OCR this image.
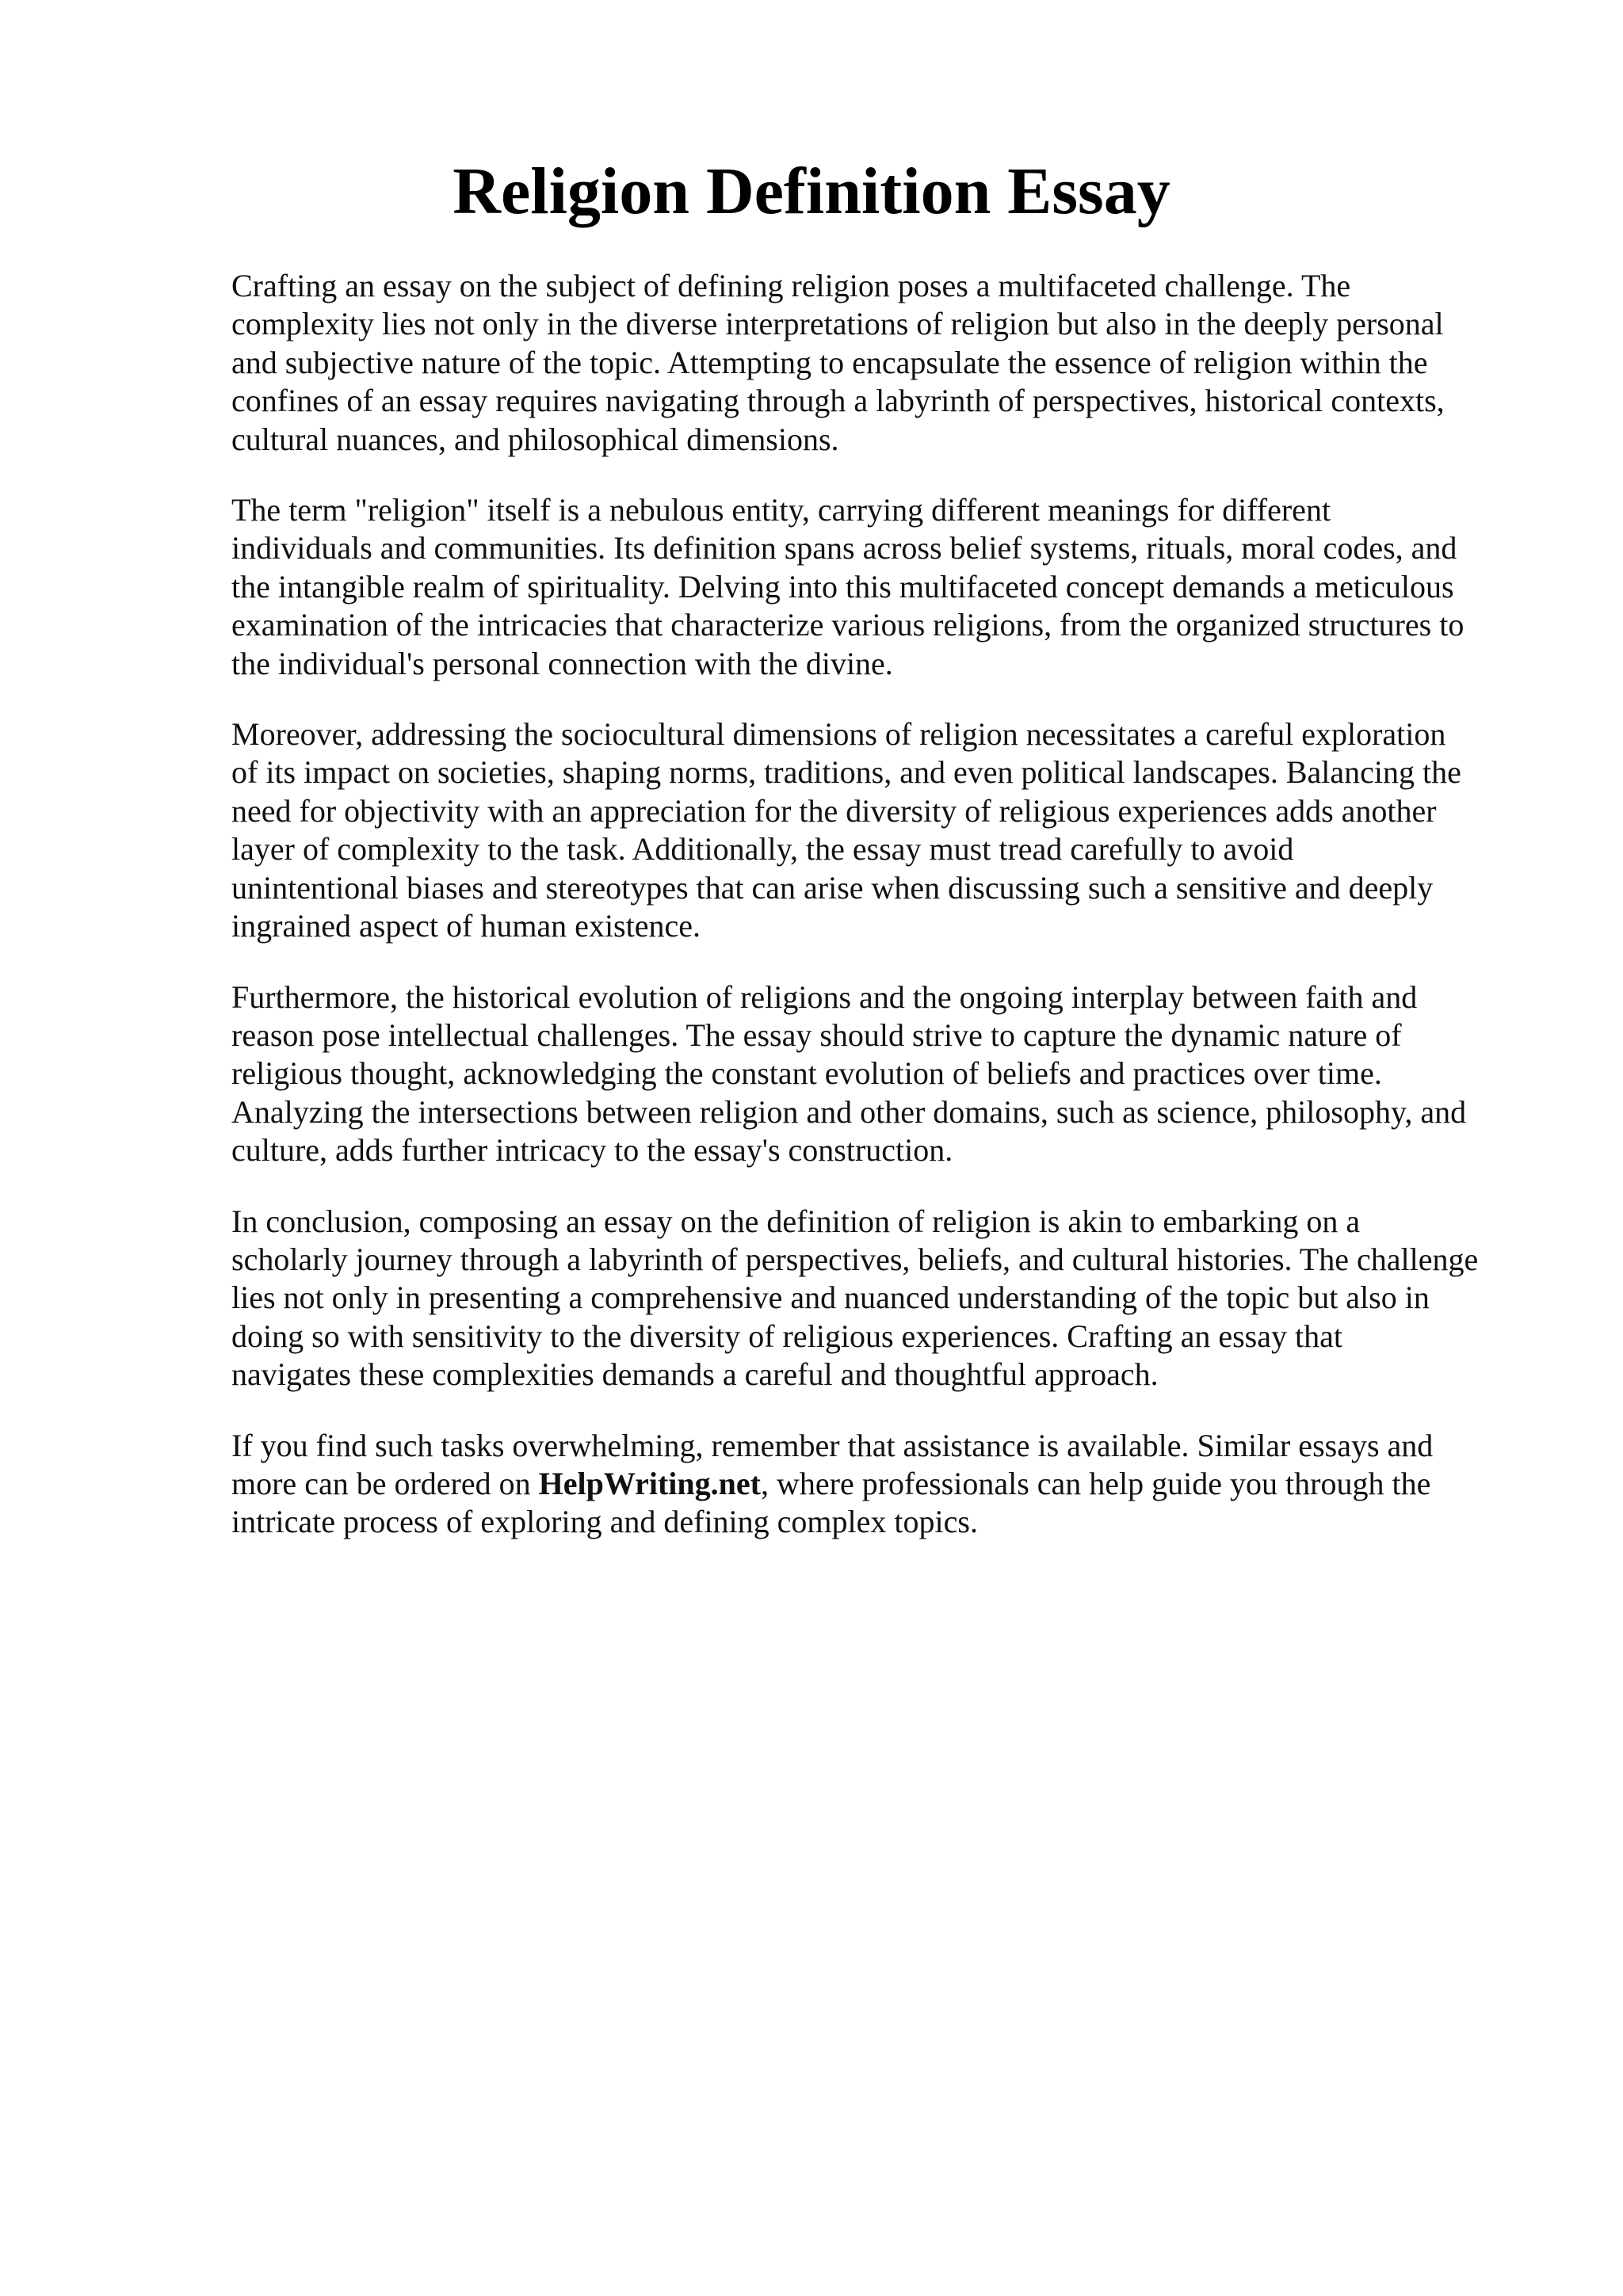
Religion Definition Essay

Crafting an essay on the subject of defining religion poses a multifaceted challenge. The
complexity lies not only in the diverse interpretations of religion but also in the deeply personal
and subjective nature of the topic. Attempting to encapsulate the essence of religion within the
confines of an essay requires navigating through a labyrinth of perspectives, historical contexts,
cultural nuances, and philosophical dimensions.

The term "religion" itself is a nebulous entity, carrying different meanings for different
individuals and communities. Its definition spans across belief systems, rituals, moral codes, and
the intangible realm of spirituality. Delving into this multifaceted concept demands a meticulous
examination of the intricacies that characterize various religions, from the organized structures to
the individual's personal connection with the divine.

Moreover, addressing the sociocultural dimensions of religion necessitates a careful exploration
of its impact on societies, shaping norms, traditions, and even political landscapes. Balancing the
need for objectivity with an appreciation for the diversity of religious experiences adds another
layer of complexity to the task. Additionally, the essay must tread carefully to avoid
unintentional biases and stereotypes that can arise when discussing such a sensitive and deeply
ingrained aspect of human existence.

Furthermore, the historical evolution of religions and the ongoing interplay between faith and
reason pose intellectual challenges. The essay should strive to capture the dynamic nature of
religious thought, acknowledging the constant evolution of beliefs and practices over time.
Analyzing the intersections between religion and other domains, such as science, philosophy, and
culture, adds further intricacy to the essay's construction.

In conclusion, composing an essay on the definition of religion is akin to embarking on a
scholarly journey through a labyrinth of perspectives, beliefs, and cultural histories. The challenge
lies not only in presenting a comprehensive and nuanced understanding of the topic but also in
doing so with sensitivity to the diversity of religious experiences. Crafting an essay that
navigates these complexities demands a careful and thoughtful approach.

If you find such tasks overwhelming, remember that assistance is available. Similar essays and
more can be ordered on HelpWriting.net, where professionals can help guide you through the
intricate process of exploring and defining complex topics.
